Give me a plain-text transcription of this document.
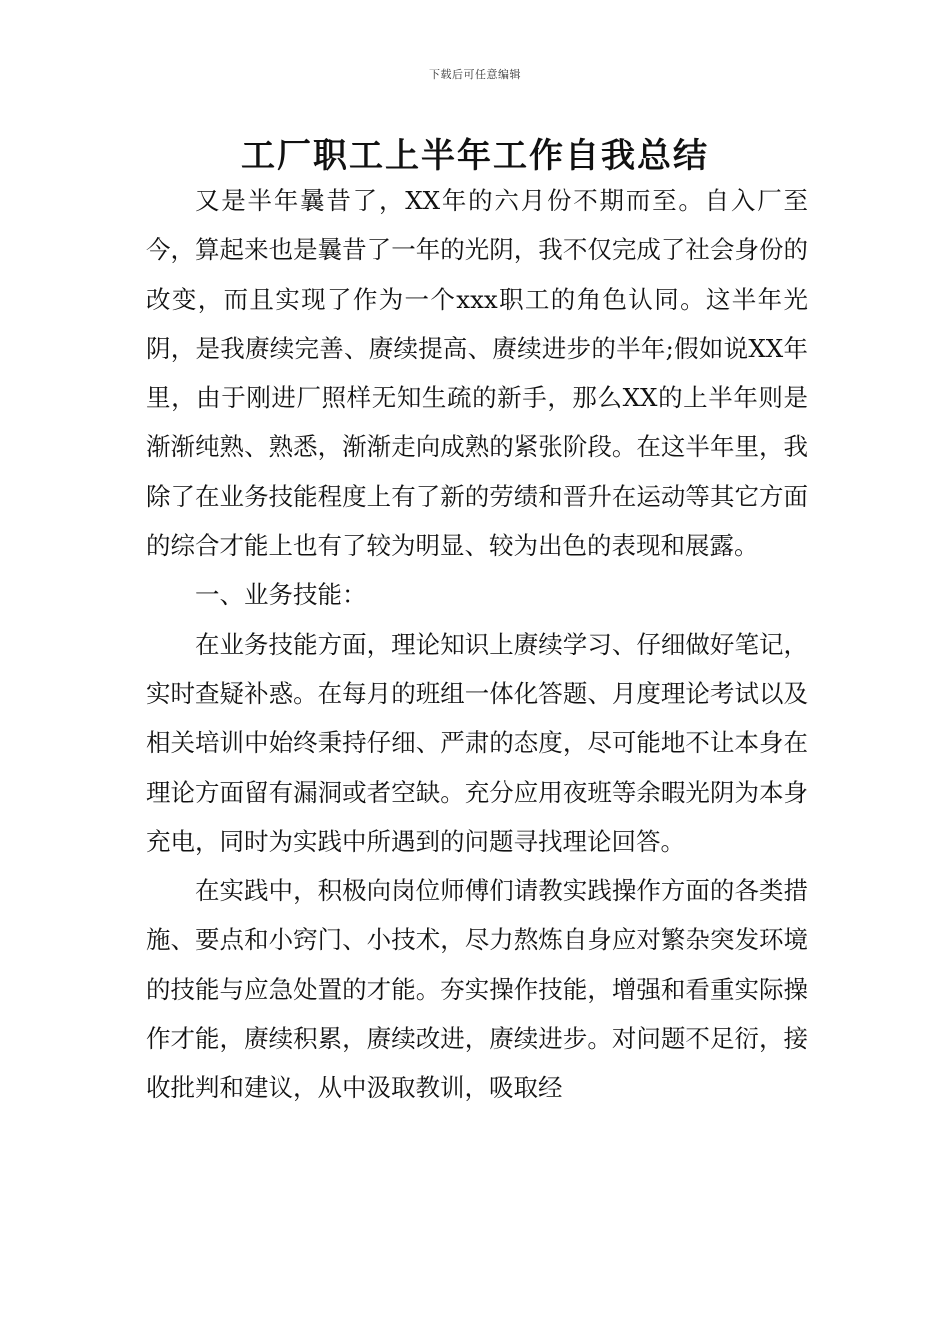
下载后可任意编辑
工厂职工上半年工作自我总结

又是半年曩昔了，XX年的六月份不期而至。自入厂至今，算起来也是曩昔了一年的光阴，我不仅完成了社会身份的改变，而且实现了作为一个xxx职工的角色认同。这半年光阴，是我赓续完善、赓续提高、赓续进步的半年;假如说XX年里，由于刚进厂照样无知生疏的新手，那么XX的上半年则是渐渐纯熟、熟悉，渐渐走向成熟的紧张阶段。在这半年里，我除了在业务技能程度上有了新的劳绩和晋升在运动等其它方面的综合才能上也有了较为明显、较为出色的表现和展露。

一、业务技能：

在业务技能方面，理论知识上赓续学习、仔细做好笔记，实时查疑补惑。在每月的班组一体化答题、月度理论考试以及相关培训中始终秉持仔细、严肃的态度，尽可能地不让本身在理论方面留有漏洞或者空缺。充分应用夜班等余暇光阴为本身充电，同时为实践中所遇到的问题寻找理论回答。

在实践中，积极向岗位师傅们请教实践操作方面的各类措施、要点和小窍门、小技术，尽力熬炼自身应对繁杂突发环境的技能与应急处置的才能。夯实操作技能，增强和看重实际操作才能，赓续积累，赓续改进，赓续进步。对问题不足衍，接收批判和建议，从中汲取教训，吸取经
